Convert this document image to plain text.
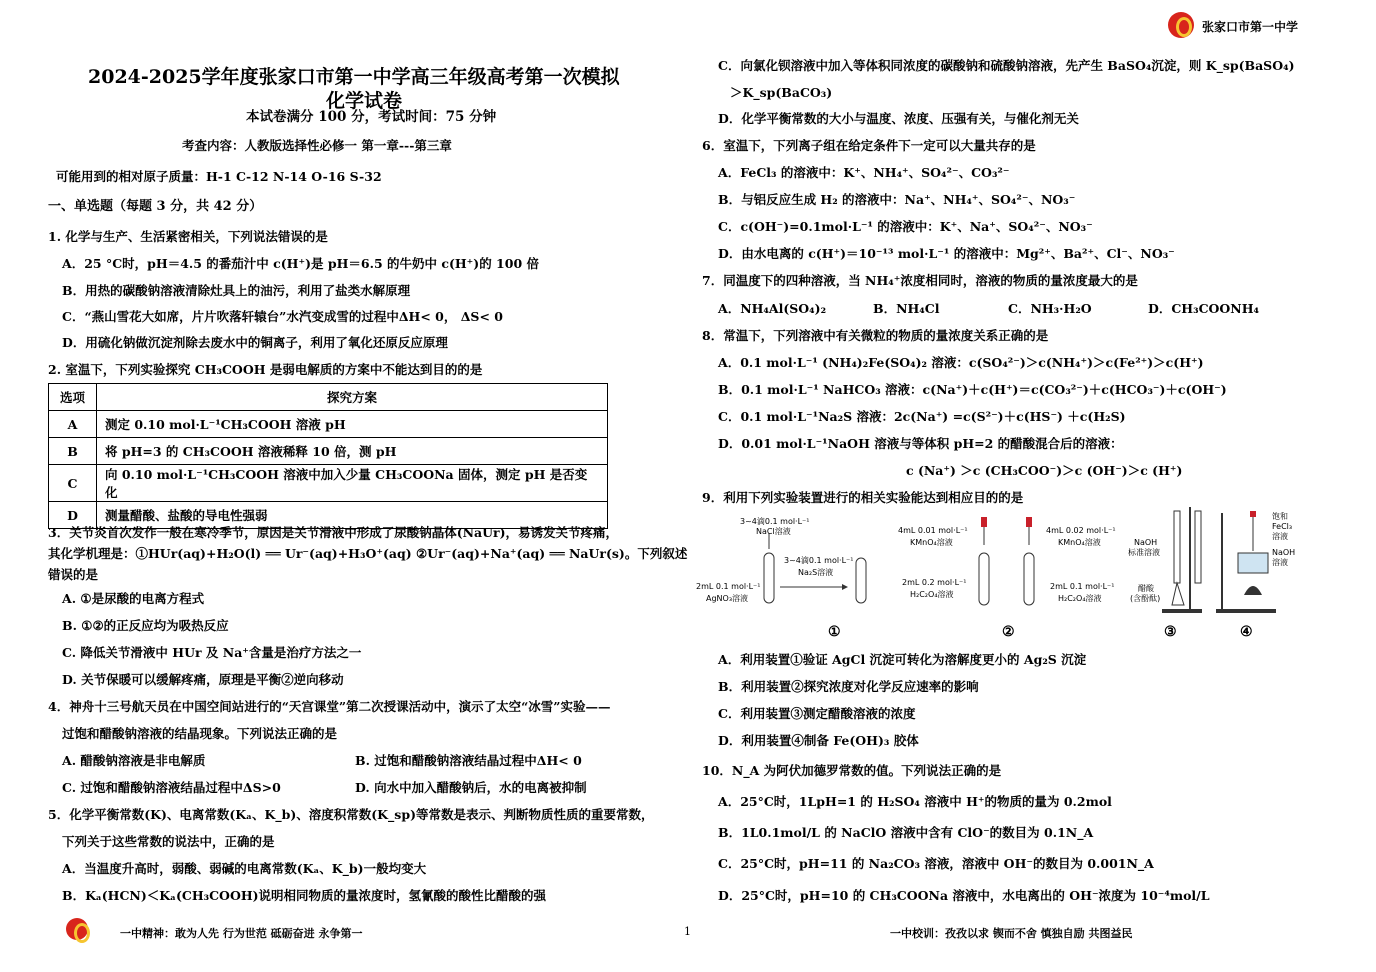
张家口市第一中学
2024-2025学年度张家口市第一中学高三年级高考第一次模拟
化学试卷
本试卷满分 100 分，考试时间：75 分钟
考查内容：人教版选择性必修一 第一章---第三章
可能用到的相对原子质量：H-1 C-12 N-14 O-16 S-32
一、单选题（每题 3 分，共 42 分）
1. 化学与生产、生活紧密相关，下列说法错误的是
A．25 °C时，pH＝4.5 的番茄汁中 c(H⁺)是 pH＝6.5 的牛奶中 c(H⁺)的 100 倍
B．用热的碳酸钠溶液清除灶具上的油污，利用了盐类水解原理
C．“燕山雪花大如席，片片吹落轩辕台”水汽变成雪的过程中ΔH< 0， ΔS< 0
D．用硫化钠做沉淀剂除去废水中的铜离子，利用了氧化还原反应原理
2. 室温下，下列实验探究 CH₃COOH 是弱电解质的方案中不能达到目的的是
3．关节炎首次发作一般在寒冷季节，原因是关节滑液中形成了尿酸钠晶体(NaUr)，易诱发关节疼痛，
其化学机理是：①HUr(aq)+H₂O(l) ══ Ur⁻(aq)+H₃O⁺(aq) ②Ur⁻(aq)+Na⁺(aq) ══ NaUr(s)。下列叙述
错误的是
A. ①是尿酸的电离方程式
B. ①②的正反应均为吸热反应
C. 降低关节滑液中 HUr 及 Na⁺含量是治疗方法之一
D. 关节保暖可以缓解疼痛，原理是平衡②逆向移动
4．神舟十三号航天员在中国空间站进行的“天宫课堂”第二次授课活动中，演示了太空“冰雪”实验——
过饱和醋酸钠溶液的结晶现象。下列说法正确的是
A. 醋酸钠溶液是非电解质	B. 过饱和醋酸钠溶液结晶过程中ΔH< 0
C. 过饱和醋酸钠溶液结晶过程中ΔS>0	D. 向水中加入醋酸钠后，水的电离被抑制
5．化学平衡常数(K)、电离常数(Kₐ、K_b)、溶度积常数(K_sp)等常数是表示、判断物质性质的重要常数，
下列关于这些常数的说法中，正确的是
A．当温度升高时，弱酸、弱碱的电离常数(Kₐ、K_b)一般均变大
B．Kₐ(HCN)＜Kₐ(CH₃COOH)说明相同物质的量浓度时，氢氰酸的酸性比醋酸的强
选项	探究方案
A	测定 0.10 mol·L⁻¹CH₃COOH 溶液 pH
B	将 pH=3 的 CH₃COOH 溶液稀释 10 倍，测 pH
C	向 0.10 mol·L⁻¹CH₃COOH 溶液中加入少量 CH₃COONa 固体，测定 pH 是否变化
D	测量醋酸、盐酸的导电性强弱
C．向氯化钡溶液中加入等体积同浓度的碳酸钠和硫酸钠溶液，先产生 BaSO₄沉淀，则 K_sp(BaSO₄)
＞K_sp(BaCO₃)
D．化学平衡常数的大小与温度、浓度、压强有关，与催化剂无关
6．室温下，下列离子组在给定条件下一定可以大量共存的是
A．FeCl₃ 的溶液中：K⁺、NH₄⁺、SO₄²⁻、CO₃²⁻
B．与铝反应生成 H₂ 的溶液中：Na⁺、NH₄⁺、SO₄²⁻、NO₃⁻
C．c(OH⁻)=0.1mol·L⁻¹ 的溶液中：K⁺、Na⁺、SO₄²⁻、NO₃⁻
D．由水电离的 c(H⁺)＝10⁻¹³ mol·L⁻¹ 的溶液中：Mg²⁺、Ba²⁺、Cl⁻、NO₃⁻
7．同温度下的四种溶液，当 NH₄⁺浓度相同时，溶液的物质的量浓度最大的是
A．NH₄Al(SO₄)₂	B．NH₄Cl	C．NH₃·H₂O	D．CH₃COONH₄
8．常温下，下列溶液中有关微粒的物质的量浓度关系正确的是
A．0.1 mol·L⁻¹ (NH₄)₂Fe(SO₄)₂ 溶液：c(SO₄²⁻)＞c(NH₄⁺)＞c(Fe²⁺)＞c(H⁺)
B．0.1 mol·L⁻¹ NaHCO₃ 溶液：c(Na⁺)＋c(H⁺)＝c(CO₃²⁻)＋c(HCO₃⁻)＋c(OH⁻)
C．0.1 mol·L⁻¹Na₂S 溶液：2c(Na⁺) =c(S²⁻)＋c(HS⁻) ＋c(H₂S)
D．0.01 mol·L⁻¹NaOH 溶液与等体积 pH=2 的醋酸混合后的溶液：
c (Na⁺) ＞c (CH₃COO⁻)＞c (OH⁻)＞c (H⁺)
9．利用下列实验装置进行的相关实验能达到相应目的的是
A．利用装置①验证 AgCl 沉淀可转化为溶解度更小的 Ag₂S 沉淀
B．利用装置②探究浓度对化学反应速率的影响
C．利用装置③测定醋酸溶液的浓度
D．利用装置④制备 Fe(OH)₃ 胶体
10．N_A 为阿伏加德罗常数的值。下列说法正确的是
A．25°C时，1LpH=1 的 H₂SO₄ 溶液中 H⁺的物质的量为 0.2mol
B．1L0.1mol/L 的 NaClO 溶液中含有 ClO⁻的数目为 0.1N_A
C．25°C时，pH=11 的 Na₂CO₃ 溶液，溶液中 OH⁻的数目为 0.001N_A
D．25°C时，pH=10 的 CH₃COONa 溶液中，水电离出的 OH⁻浓度为 10⁻⁴mol/L
3~4滴0.1 mol·L⁻¹
NaCl溶液
3~4滴0.1 mol·L⁻¹
Na₂S溶液
2mL 0.1 mol·L⁻¹
AgNO₃溶液
4mL 0.01 mol·L⁻¹
KMnO₄溶液
4mL 0.02 mol·L⁻¹
KMnO₄溶液
2mL 0.2 mol·L⁻¹
H₂C₂O₄溶液
2mL 0.1 mol·L⁻¹
H₂C₂O₄溶液
NaOH
标准溶液
醋酸
(含酚酞)
饱和
FeCl₃
溶液
NaOH
溶液
①	②	③	④
一中精神：敢为人先 行为世范 砥砺奋进 永争第一	1	一中校训：孜孜以求 锲而不舍 慎独自励 共图益民
